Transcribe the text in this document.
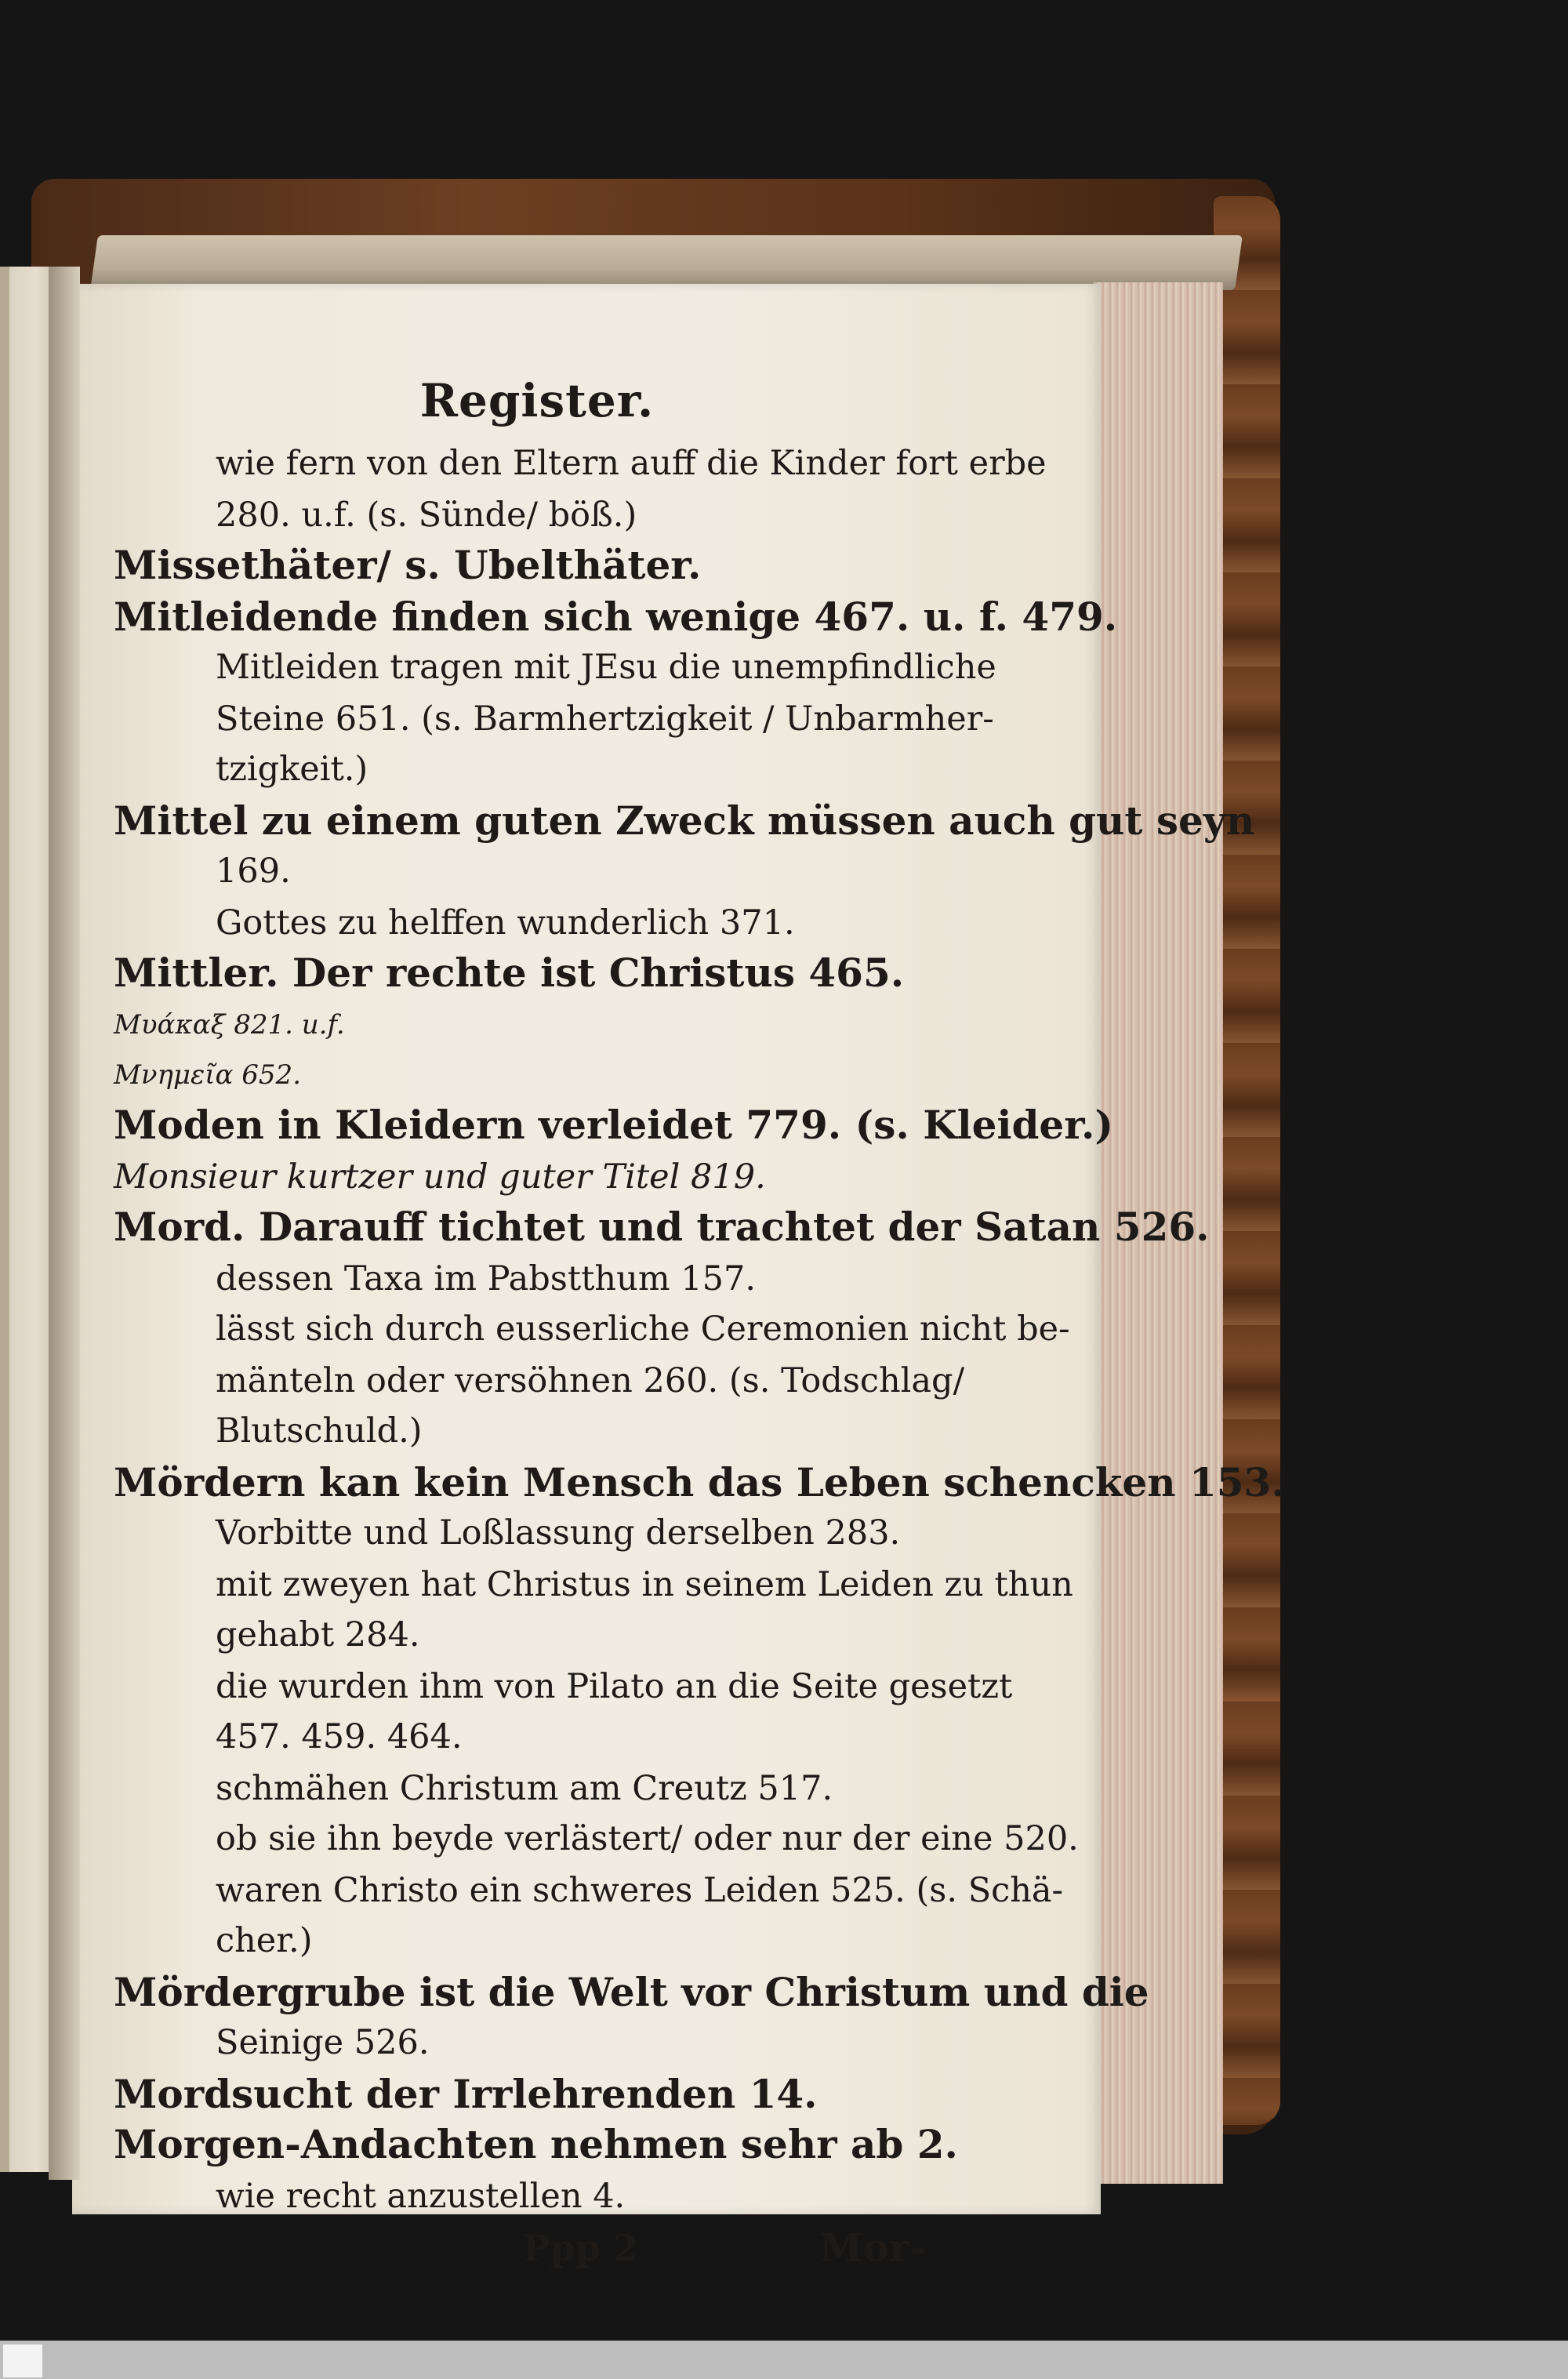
Register.
wie fern von den Eltern auff die Kinder fort erbe
280. u.f. (s. Sünde/ böß.)
Missethäter/ s. Ubelthäter.
Mitleidende finden sich wenige 467. u. f. 479.
Mitleiden tragen mit JEsu die unempfindliche
Steine 651. (s. Barmhertzigkeit / Unbarmher-
tzigkeit.)
Mittel zu einem guten Zweck müssen auch gut seyn
169.
Gottes zu helffen wunderlich 371.
Mittler. Der rechte ist Christus 465.
Μυάκαξ 821. u.f.
Μνημεῖα 652.
Moden in Kleidern verleidet 779. (s. Kleider.)
Monsieur kurtzer und guter Titel 819.
Mord. Darauff tichtet und trachtet der Satan 526.
dessen Taxa im Pabstthum 157.
lässt sich durch eusserliche Ceremonien nicht be-
mänteln oder versöhnen 260. (s. Todschlag/
Blutschuld.)
Mördern kan kein Mensch das Leben schencken 153.
Vorbitte und Loßlassung derselben 283.
mit zweyen hat Christus in seinem Leiden zu thun
gehabt 284.
die wurden ihm von Pilato an die Seite gesetzt
457. 459. 464.
schmähen Christum am Creutz 517.
ob sie ihn beyde verlästert/ oder nur der eine 520.
waren Christo ein schweres Leiden 525. (s. Schä-
cher.)
Mördergrube ist die Welt vor Christum und die
Seinige 526.
Mordsucht der Irrlehrenden 14.
Morgen-Andachten nehmen sehr ab 2.
wie recht anzustellen 4.
Ppp 2	Mor-
